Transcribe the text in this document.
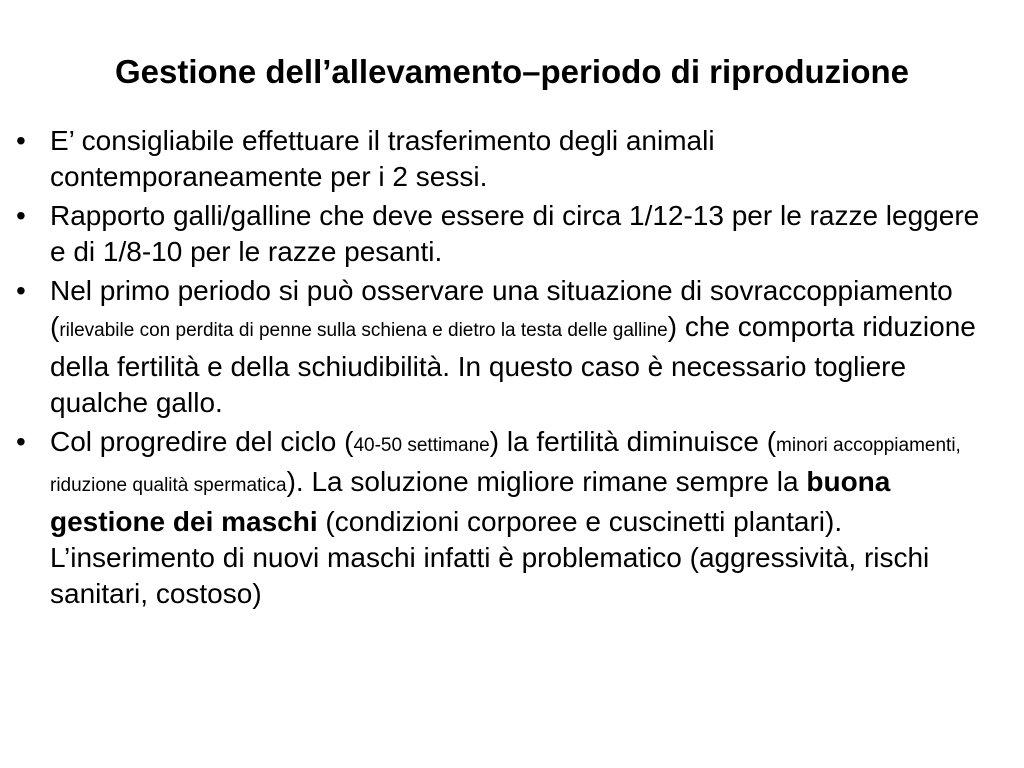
Gestione dell’allevamento–periodo di riproduzione
• E’ consigliabile effettuare il trasferimento degli animali contemporaneamente per i 2 sessi.
• Rapporto galli/galline che deve essere di circa 1/12-13 per le razze leggere e di 1/8-10 per le razze pesanti.
• Nel primo periodo si può osservare una situazione di sovraccoppiamento (rilevabile con perdita di penne sulla schiena e dietro la testa delle galline) che comporta riduzione della fertilità e della schiudibilità. In questo caso è necessario togliere qualche gallo.
• Col progredire del ciclo (40-50 settimane) la fertilità diminuisce (minori accoppiamenti, riduzione qualità spermatica). La soluzione migliore rimane sempre la buona gestione dei maschi (condizioni corporee e cuscinetti plantari). L’inserimento di nuovi maschi infatti è problematico (aggressività, rischi sanitari, costoso)
